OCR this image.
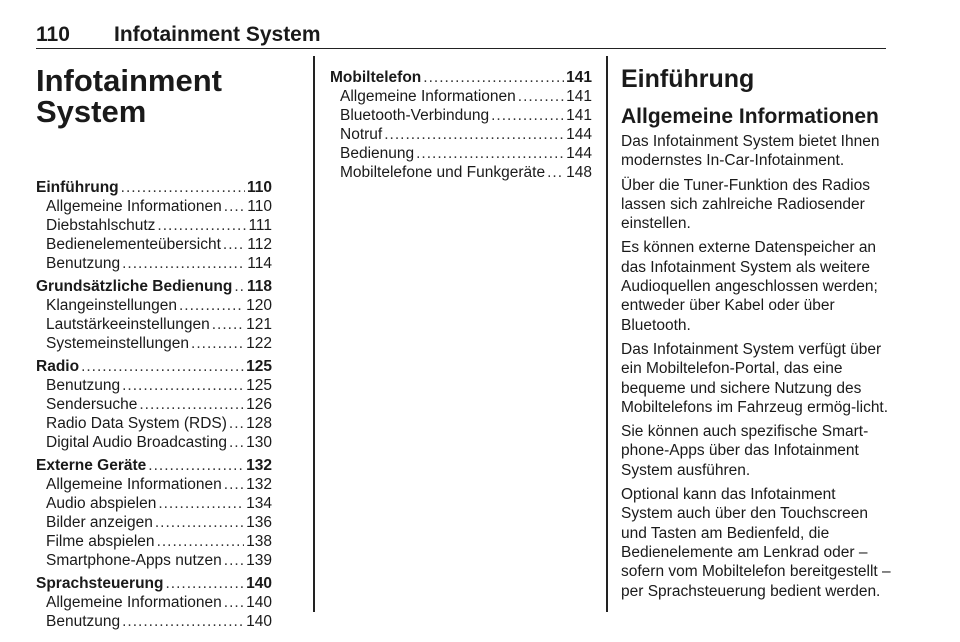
110 Infotainment System
Infotainment
System
Einführung .....	110
Allgemeine Informationen ..... 110
Diebstahlschutz .....	111
Bedienelementeübersicht ..... 112
Benutzung .....	114
Grundsätzliche Bedienung ..... 118
Klangeinstellungen .....	120
Lautstärkeeinstellungen ..... 121
Systemeinstellungen .....	122
Radio .....	125
Benutzung .....	125
Sendersuche .....	126
Radio Data System (RDS) ..... 128
Digital Audio Broadcasting ..... 130
Externe Geräte .....	132
Allgemeine Informationen ..... 132
Audio abspielen .....	134
Bilder anzeigen .....	136
Filme abspielen .....	138
Smartphone-Apps nutzen ..... 139
Sprachsteuerung .....	140
Allgemeine Informationen ..... 140
Benutzung .....	140
Mobiltelefon .....	141
Allgemeine Informationen .....	141
Bluetooth-Verbindung .....	141
Notruf .....	144
Bedienung .....	144
Mobiltelefone und Funkgeräte ..... 148
Einführung
Allgemeine Informationen

Das Infotainment System bietet Ihnen modernstes In-Car-Infotainment.

Über die Tuner-Funktion des Radios lassen sich zahlreiche Radiosender einstellen.

Es können externe Datenspeicher an das Infotainment System als weitere Audioquellen angeschlossen werden; entweder über Kabel oder über Bluetooth.

Das Infotainment System verfügt über ein Mobiltelefon-Portal, das eine bequeme und sichere Nutzung des Mobiltelefons im Fahrzeug ermög-licht.

Sie können auch spezifische Smart-phone-Apps über das Infotainment System ausführen.

Optional kann das Infotainment System auch über den Touchscreen und Tasten am Bedienfeld, die Bedienelemente am Lenkrad oder – sofern vom Mobiltelefon bereitgestellt – per Sprachsteuerung bedient werden.
